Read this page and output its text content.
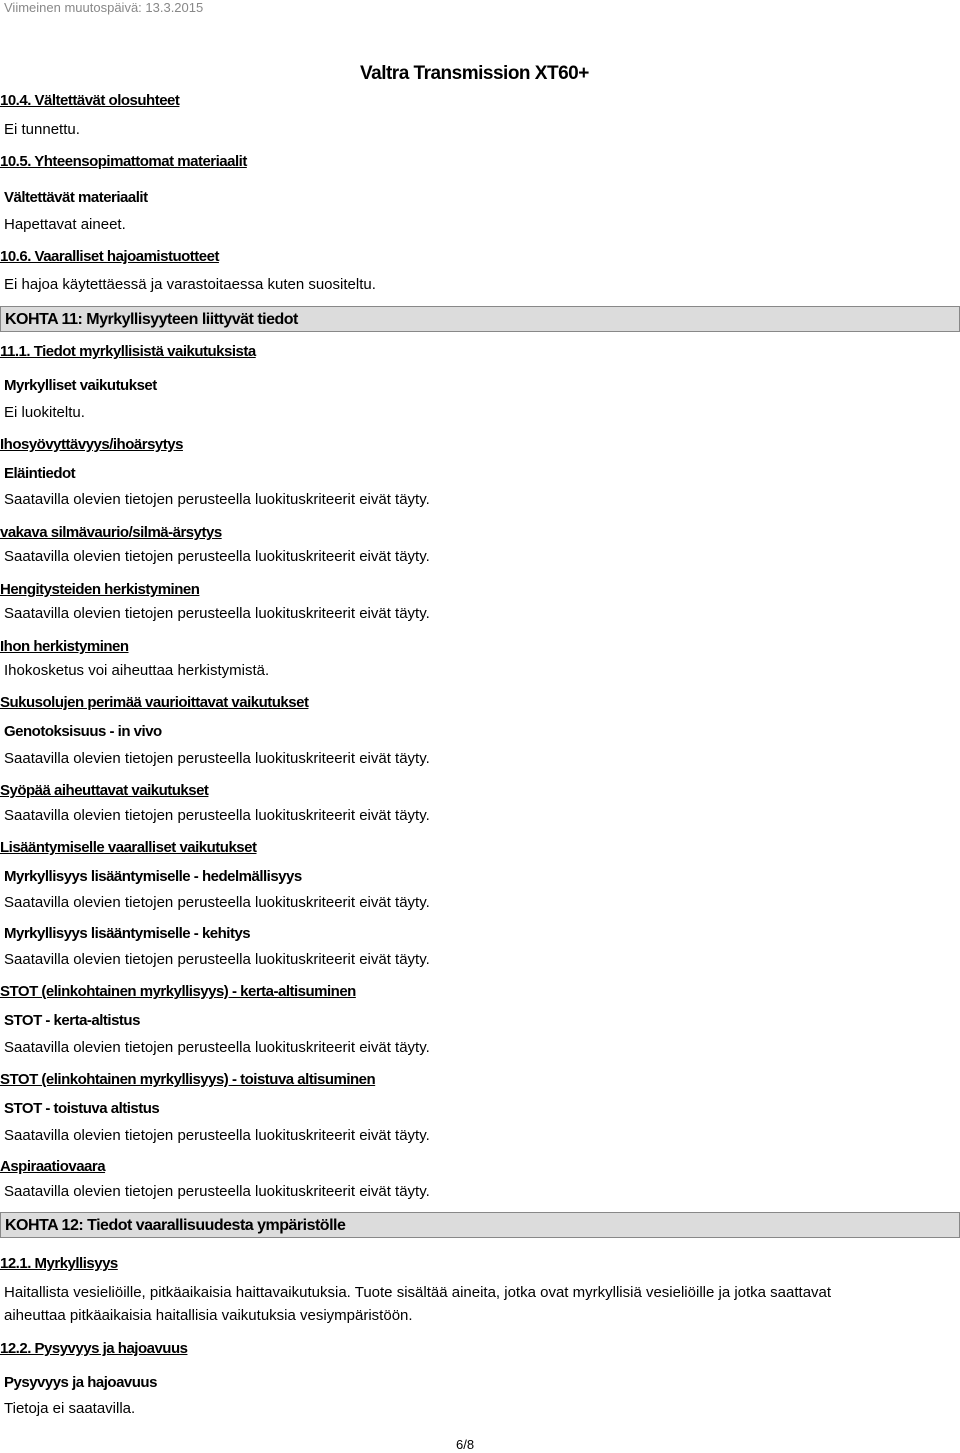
Viimeinen muutospäivä: 13.3.2015
Valtra Transmission XT60+
10.4. Vältettävät olosuhteet
Ei tunnettu.
10.5. Yhteensopimattomat materiaalit
Vältettävät materiaalit
Hapettavat aineet.
10.6. Vaaralliset hajoamistuotteet
Ei hajoa käytettäessä ja varastoitaessa kuten suositeltu.
KOHTA 11: Myrkyllisyyteen liittyvät tiedot
11.1. Tiedot myrkyllisistä vaikutuksista
Myrkylliset vaikutukset
Ei luokiteltu.
Ihosyövyttävyys/ihoärsytys
Eläintiedot
Saatavilla olevien tietojen perusteella luokituskriteerit eivät täyty.
vakava silmävaurio/silmä-ärsytys
Saatavilla olevien tietojen perusteella luokituskriteerit eivät täyty.
Hengitysteiden herkistyminen
Saatavilla olevien tietojen perusteella luokituskriteerit eivät täyty.
Ihon herkistyminen
Ihokosketus voi aiheuttaa herkistymistä.
Sukusolujen perimää vaurioittavat vaikutukset
Genotoksisuus - in vivo
Saatavilla olevien tietojen perusteella luokituskriteerit eivät täyty.
Syöpää aiheuttavat vaikutukset
Saatavilla olevien tietojen perusteella luokituskriteerit eivät täyty.
Lisääntymiselle vaaralliset vaikutukset
Myrkyllisyys lisääntymiselle - hedelmällisyys
Saatavilla olevien tietojen perusteella luokituskriteerit eivät täyty.
Myrkyllisyys lisääntymiselle - kehitys
Saatavilla olevien tietojen perusteella luokituskriteerit eivät täyty.
STOT (elinkohtainen myrkyllisyys) - kerta-altisuminen
STOT - kerta-altistus
Saatavilla olevien tietojen perusteella luokituskriteerit eivät täyty.
STOT (elinkohtainen myrkyllisyys) - toistuva altisuminen
STOT - toistuva altistus
Saatavilla olevien tietojen perusteella luokituskriteerit eivät täyty.
Aspiraatiovaara
Saatavilla olevien tietojen perusteella luokituskriteerit eivät täyty.
KOHTA 12: Tiedot vaarallisuudesta ympäristölle
12.1. Myrkyllisyys
Haitallista vesieliöille, pitkäaikaisia haittavaikutuksia. Tuote sisältää aineita, jotka ovat myrkyllisiä vesieliöille ja jotka saattavat
aiheuttaa pitkäaikaisia haitallisia vaikutuksia vesiympäristöön.
12.2. Pysyvyys ja hajoavuus
Pysyvyys ja hajoavuus
Tietoja ei saatavilla.
6/8
